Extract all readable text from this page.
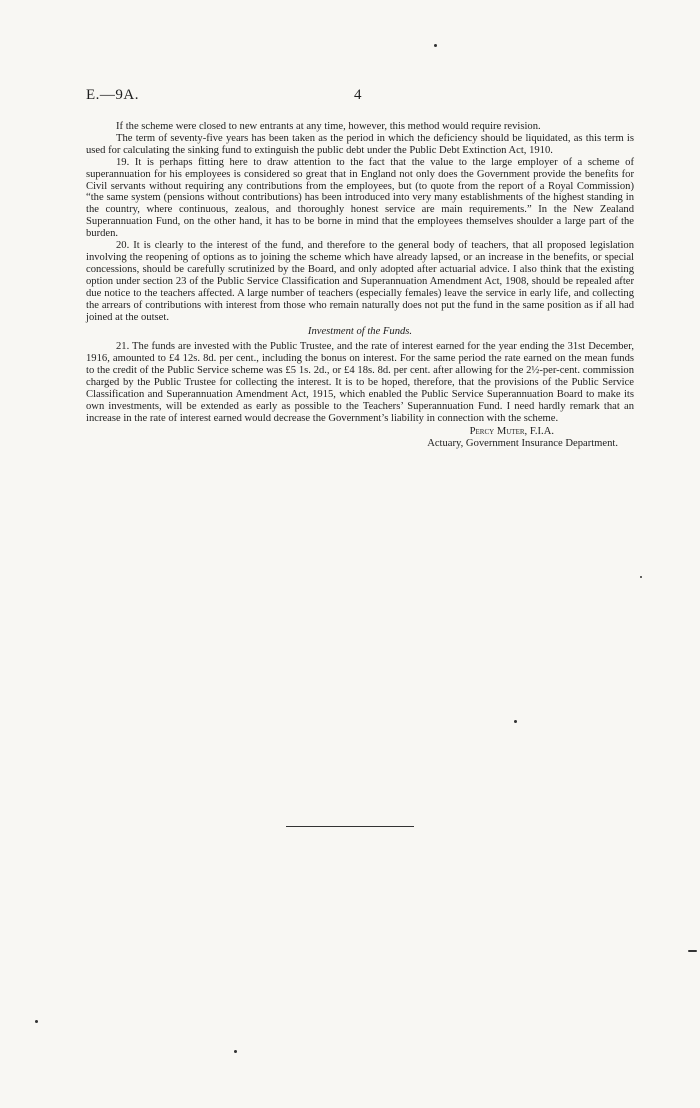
E.—9A.	4

If the scheme were closed to new entrants at any time, however, this method would require revision.

The term of seventy-five years has been taken as the period in which the deficiency should be liquidated, as this term is used for calculating the sinking fund to extinguish the public debt under the Public Debt Extinction Act, 1910.

19. It is perhaps fitting here to draw attention to the fact that the value to the large employer of a scheme of superannuation for his employees is considered so great that in England not only does the Government provide the benefits for Civil servants without requiring any contributions from the employees, but (to quote from the report of a Royal Commission) “the same system (pensions without contributions) has been introduced into very many establishments of the highest standing in the country, where continuous, zealous, and thoroughly honest service are main requirements.” In the New Zealand Superannuation Fund, on the other hand, it has to be borne in mind that the employees themselves shoulder a large part of the burden.

20. It is clearly to the interest of the fund, and therefore to the general body of teachers, that all proposed legislation involving the reopening of options as to joining the scheme which have already lapsed, or an increase in the benefits, or special concessions, should be carefully scrutinized by the Board, and only adopted after actuarial advice. I also think that the existing option under section 23 of the Public Service Classification and Superannuation Amendment Act, 1908, should be repealed after due notice to the teachers affected. A large number of teachers (especially females) leave the service in early life, and collecting the arrears of contributions with interest from those who remain naturally does not put the fund in the same position as if all had joined at the outset.

Investment of the Funds.

21. The funds are invested with the Public Trustee, and the rate of interest earned for the year ending the 31st December, 1916, amounted to £4 12s. 8d. per cent., including the bonus on interest. For the same period the rate earned on the mean funds to the credit of the Public Service scheme was £5 1s. 2d., or £4 18s. 8d. per cent. after allowing for the 2½-per-cent. commission charged by the Public Trustee for collecting the interest. It is to be hoped, therefore, that the provisions of the Public Service Classification and Superannuation Amendment Act, 1915, which enabled the Public Service Superannuation Board to make its own investments, will be extended as early as possible to the Teachers’ Superannuation Fund. I need hardly remark that an increase in the rate of interest earned would decrease the Government’s liability in connection with the scheme.

Percy Muter, F.I.A.
Actuary, Government Insurance Department.
